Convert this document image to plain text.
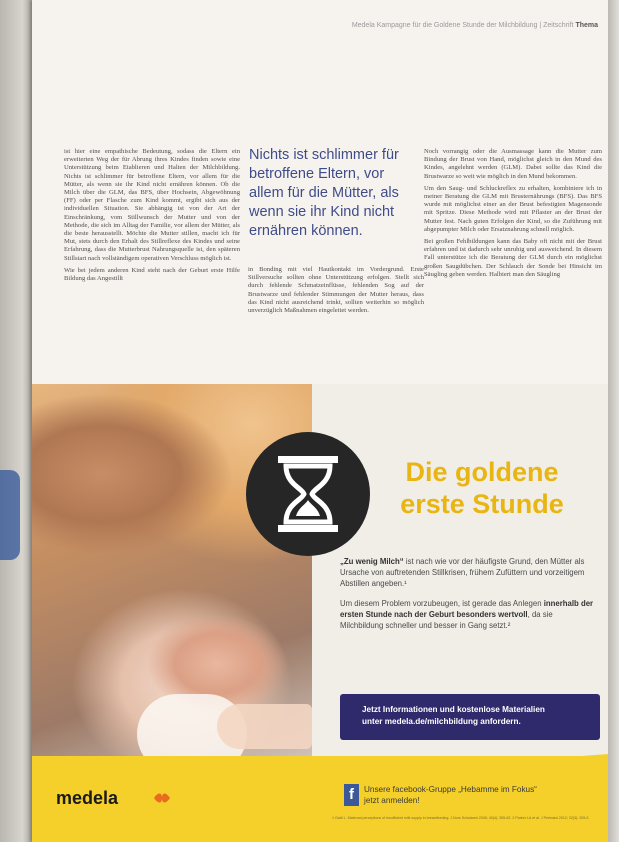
Medela Kampagne für die Goldene Stunde der Milchbildung | Zeitschrift Thema

ist hier eine empathische Bedeutung, sodass die Eltern ein erweiterten Weg der für Abrung ihres Kindes finden sowie eine Unterstützung beim Etablieren und Halten der Milchbildung. Nichts ist schlimmer für betroffene Eltern, vor allem für die Mütter, als wenn sie ihr Kind nicht ernähren können. Ob die Milch über die GLM, das BFS, über Hochsein, Abgewöhnung (FF) oder per Flasche zum Kind kommt, ergibt sich aus der individuellen Situation. Sie abhängig ist von der Art der Einschränkung, vom Stillwunsch der Mutter und von der Methode, die sich im Alltag der Familie, vor allem der Mütter, als die beste herausstellt. Möchte die Mutter stillen, macht ich für Mut, stets durch den Erhalt des Stillreflexe des Kindes und seine Erfahrung, dass die Mutterbrust Nahrungsquelle ist, den späteren Stillstart nach vollständigem operativen Verschluss möglich ist.

Wie bei jedem anderen Kind steht nach der Geburt erste Hilfe Bildung das Angestillt

Nichts ist schlimmer für betroffene Eltern, vor allem für die Mütter, als wenn sie ihr Kind nicht ernähren können.

in Bonding mit viel Hautkontakt im Vordergrund. Erste Stillversuche sollten ohne Unterstützung erfolgen. Stellt sich durch fehlende Schmatzeinflüsse, fehlenden Sog auf der Brustwarze und fehlender Stimmungen der Mutter heraus, dass das Kind nicht ausreichend trinkt, sollten weiterhin so möglich unverzüglich Maßnahmen eingeleitet werden.

Noch vorrangig oder die Ausmassage kann die Mutter zum Bindung der Brust von Hand, möglichst gleich in den Mund des Kindes, angelehnt werden (GLM). Dabei sollte das Kind die Brustwarze so weit wie möglich in den Mund bekommen.

Um den Saug- und Schluckreflex zu erhalten, kombiniere ich in meiner Beratung die GLM mit Brusternährungs (BFS). Das BFS wurde mit möglichst einer an der Brust befestigten Magensonde mit Spritze. Diese Methode wird mit Pflaster an der Brust der Mutter fest. Nach guten Erfolgen der Kind, so die Zuführung mit abgepumpter Milch oder Ersatznahrung schnell möglich.

Bei großen Fehlbildungen kann das Baby oft nicht mit der Brust erfahren und ist dadurch sehr unruhig und ausweichend. In diesem Fall unterstütze ich die Beratung der GLM durch ein möglichst großen Saugdübchen. Der Schlauch der Sonde bei Hinsicht im Säugling geben werden. Halbiert man den Säugling

Die goldene
erste Stunde

„Zu wenig Milch“ ist nach wie vor der häufigste Grund, den Mütter als Ursache von auftretenden Stillkrisen, frühem Zufüttern und vorzeitigem Abstillen angeben.¹

Um diesem Problem vorzubeugen, ist gerade das Anlegen innerhalb der ersten Stunde nach der Geburt besonders wertvoll, da sie Milchbildung schneller und besser in Gang setzt.²

Jetzt Informationen und kostenlose Materialien
unter medela.de/milchbildung anfordern.
medela	f	Unsere facebook-Gruppe „Hebamme im Fokus“
jetzt anmelden!
1 Gatti L. Maternal perceptions of insufficient milk supply in breastfeeding. J Nurs Scholarsh 2008; 40(4): 355-63. 2 Parker LA et al. J Perinatol 2012; 32(3): 205-9.
